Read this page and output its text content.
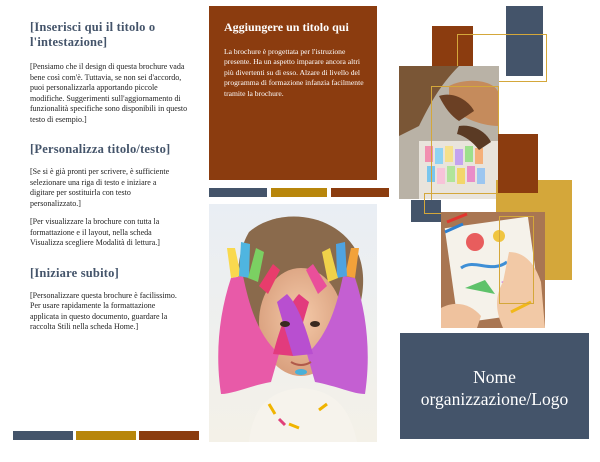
[Inserisci qui il titolo o l'intestazione]

[Pensiamo che il design di questa brochure vada bene così com'è. Tuttavia, se non sei d'accordo, puoi personalizzarla apportando piccole modifiche. Suggerimenti sull'aggiornamento di funzionalità specifiche sono disponibili in questo testo di esempio.]

[Personalizza titolo/testo]

[Se si è già pronti per scrivere, è sufficiente selezionare una riga di testo e iniziare a digitare per sostituirla con testo personalizzato.]

[Per visualizzare la brochure con tutta la formattazione e il layout, nella scheda Visualizza scegliere Modalità di lettura.]

[Iniziare subito]

[Personalizzare questa brochure è facilissimo. Per usare rapidamente la formattazione applicata in questo documento, guardare la raccolta Stili nella scheda Home.]

Aggiungere un titolo qui
La brochure è progettata per l'istruzione presente. Ha un aspetto imparare ancora altri più divertenti su di esso. Alzare di livello del programma di formazione infanzia facilmente tramite la brochure.
Nome
organizzazione/Logo
